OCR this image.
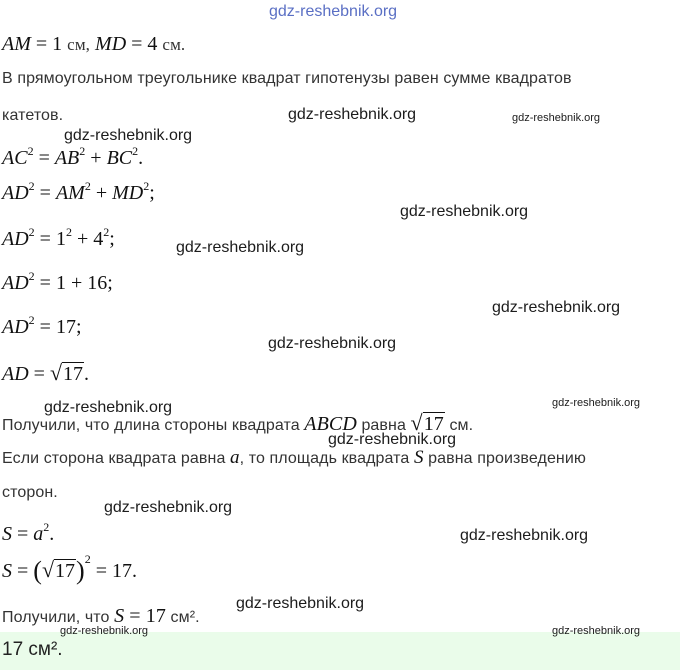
gdz-reshebnik.org
AM = 1 см, MD = 4 см.
В прямоугольном треугольнике квадрат гипотенузы равен сумме квадратов
катетов.
$AC^2 = AB^2 + BC^2$.
$AD^2 = AM^2 + MD^2$;
$AD^2 = 1^2 + 4^2$;
$AD^2 = 1 + 16$;
$AD^2 = 17$;
AD = √17.
Получили, что длина стороны квадрата ABCD равна √17 см.
Если сторона квадрата равна a, то площадь квадрата S равна произведению
сторон.
$S = a^2$.
$S = (√17)^2 = 17$.
Получили, что S = 17 см².
17 см².
gdz-reshebnik.org	gdz-reshebnik.org
gdz-reshebnik.org
gdz-reshebnik.org
gdz-reshebnik.org
gdz-reshebnik.org
gdz-reshebnik.org
gdz-reshebnik.org	gdz-reshebnik.org
gdz-reshebnik.org
gdz-reshebnik.org
gdz-reshebnik.org
gdz-reshebnik.org
gdz-reshebnik.org	gdz-reshebnik.org
